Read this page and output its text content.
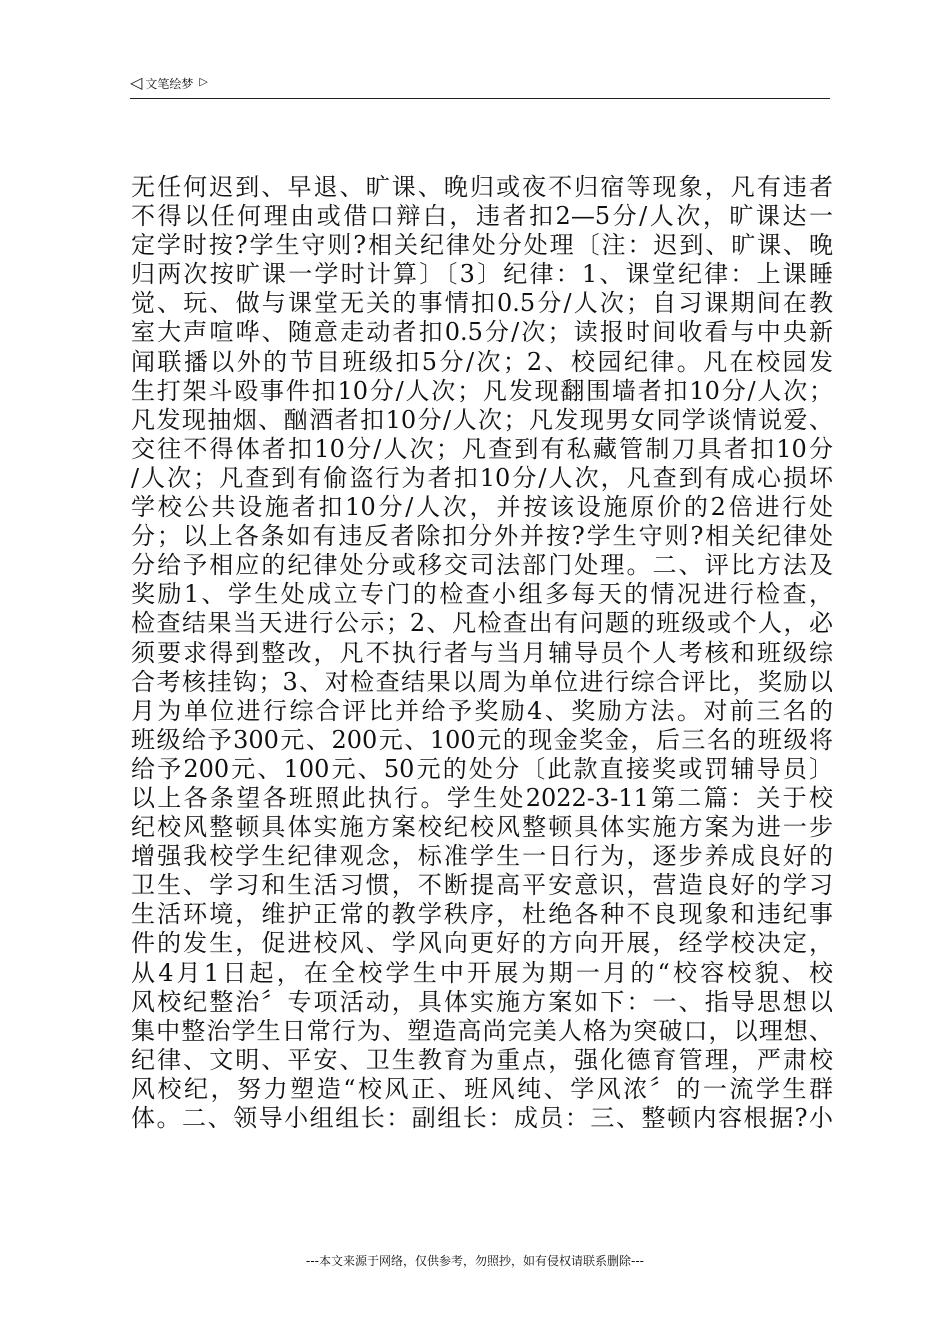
◁ 文笔绘梦 ▷
无任何迟到、早退、旷课、晚归或夜不归宿等现象，凡有违者
不得以任何理由或借口辩白，违者扣2—5分/人次，旷课达一
定学时按?学生守则?相关纪律处分处理〔注：迟到、旷课、晚
归两次按旷课一学时计算〕〔3〕纪律：1、课堂纪律：上课睡
觉、玩、做与课堂无关的事情扣0.5分/人次；自习课期间在教
室大声喧哗、随意走动者扣0.5分/次；读报时间收看与中央新
闻联播以外的节目班级扣5分/次；2、校园纪律。凡在校园发
生打架斗殴事件扣10分/人次；凡发现翻围墙者扣10分/人次；
凡发现抽烟、酗酒者扣10分/人次；凡发现男女同学谈情说爱、
交往不得体者扣10分/人次；凡查到有私藏管制刀具者扣10分
/人次；凡查到有偷盗行为者扣10分/人次，凡查到有成心损坏
学校公共设施者扣10分/人次，并按该设施原价的2倍进行处
分；以上各条如有违反者除扣分外并按?学生守则?相关纪律处
分给予相应的纪律处分或移交司法部门处理。二、评比方法及
奖励1、学生处成立专门的检查小组多每天的情况进行检查，
检查结果当天进行公示；2、凡检查出有问题的班级或个人，必
须要求得到整改，凡不执行者与当月辅导员个人考核和班级综
合考核挂钩；3、对检查结果以周为单位进行综合评比，奖励以
月为单位进行综合评比并给予奖励4、奖励方法。对前三名的
班级给予300元、200元、100元的现金奖金，后三名的班级将
给予200元、100元、50元的处分〔此款直接奖或罚辅导员〕
以上各条望各班照此执行。学生处2022-3-11第二篇：关于校
纪校风整顿具体实施方案校纪校风整顿具体实施方案为进一步
增强我校学生纪律观念，标准学生一日行为，逐步养成良好的
卫生、学习和生活习惯，不断提高平安意识，营造良好的学习
生活环境，维护正常的教学秩序，杜绝各种不良现象和违纪事
件的发生，促进校风、学风向更好的方向开展，经学校决定，
从4月1日起，在全校学生中开展为期一月的“校容校貌、校
风校纪整治〞专项活动，具体实施方案如下：一、指导思想以
集中整治学生日常行为、塑造高尚完美人格为突破口，以理想、
纪律、文明、平安、卫生教育为重点，强化德育管理，严肃校
风校纪，努力塑造“校风正、班风纯、学风浓〞的一流学生群
体。二、领导小组组长：副组长：成员：三、整顿内容根据?小
---本文来源于网络，仅供参考，勿照抄，如有侵权请联系删除---
